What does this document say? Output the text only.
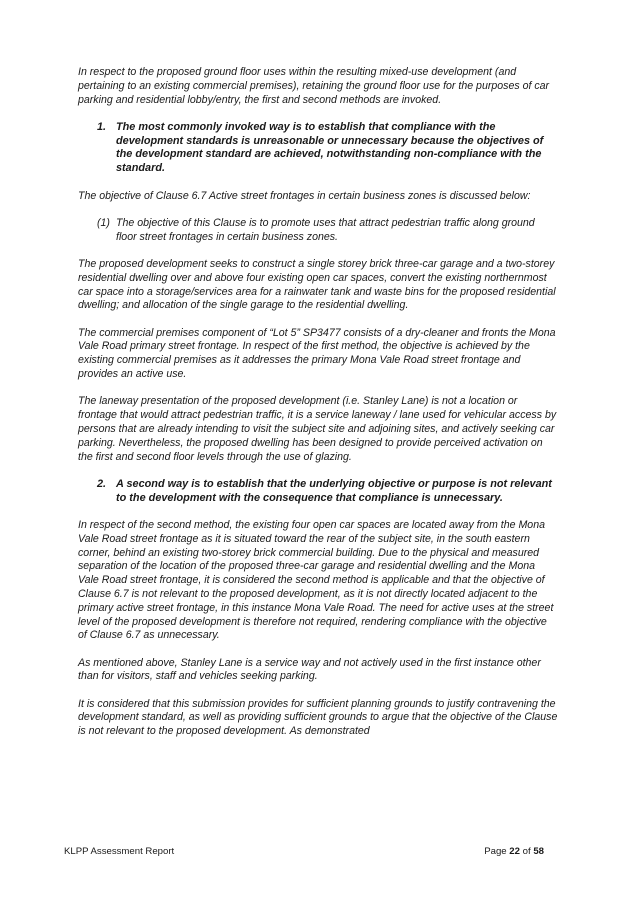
In respect to the proposed ground floor uses within the resulting mixed-use development (and pertaining to an existing commercial premises), retaining the ground floor use for the purposes of car parking and residential lobby/entry, the first and second methods are invoked.

1. The most commonly invoked way is to establish that compliance with the development standards is unreasonable or unnecessary because the objectives of the development standard are achieved, notwithstanding non-compliance with the standard.

The objective of Clause 6.7 Active street frontages in certain business zones is discussed below:

(1) The objective of this Clause is to promote uses that attract pedestrian traffic along ground floor street frontages in certain business zones.

The proposed development seeks to construct a single storey brick three-car garage and a two-storey residential dwelling over and above four existing open car spaces, convert the existing northernmost car space into a storage/services area for a rainwater tank and waste bins for the proposed residential dwelling; and allocation of the single garage to the residential dwelling.

The commercial premises component of “Lot 5” SP3477 consists of a dry-cleaner and fronts the Mona Vale Road primary street frontage. In respect of the first method, the objective is achieved by the existing commercial premises as it addresses the primary Mona Vale Road street frontage and provides an active use.

The laneway presentation of the proposed development (i.e. Stanley Lane) is not a location or frontage that would attract pedestrian traffic, it is a service laneway / lane used for vehicular access by persons that are already intending to visit the subject site and adjoining sites, and actively seeking car parking. Nevertheless, the proposed dwelling has been designed to provide perceived activation on the first and second floor levels through the use of glazing.

2. A second way is to establish that the underlying objective or purpose is not relevant to the development with the consequence that compliance is unnecessary.

In respect of the second method, the existing four open car spaces are located away from the Mona Vale Road street frontage as it is situated toward the rear of the subject site, in the south eastern corner, behind an existing two-storey brick commercial building. Due to the physical and measured separation of the location of the proposed three-car garage and residential dwelling and the Mona Vale Road street frontage, it is considered the second method is applicable and that the objective of Clause 6.7 is not relevant to the proposed development, as it is not directly located adjacent to the primary active street frontage, in this instance Mona Vale Road. The need for active uses at the street level of the proposed development is therefore not required, rendering compliance with the objective of Clause 6.7 as unnecessary.

As mentioned above, Stanley Lane is a service way and not actively used in the first instance other than for visitors, staff and vehicles seeking parking.

It is considered that this submission provides for sufficient planning grounds to justify contravening the development standard, as well as providing sufficient grounds to argue that the objective of the Clause is not relevant to the proposed development. As demonstrated

KLPP Assessment Report	Page 22 of 58
